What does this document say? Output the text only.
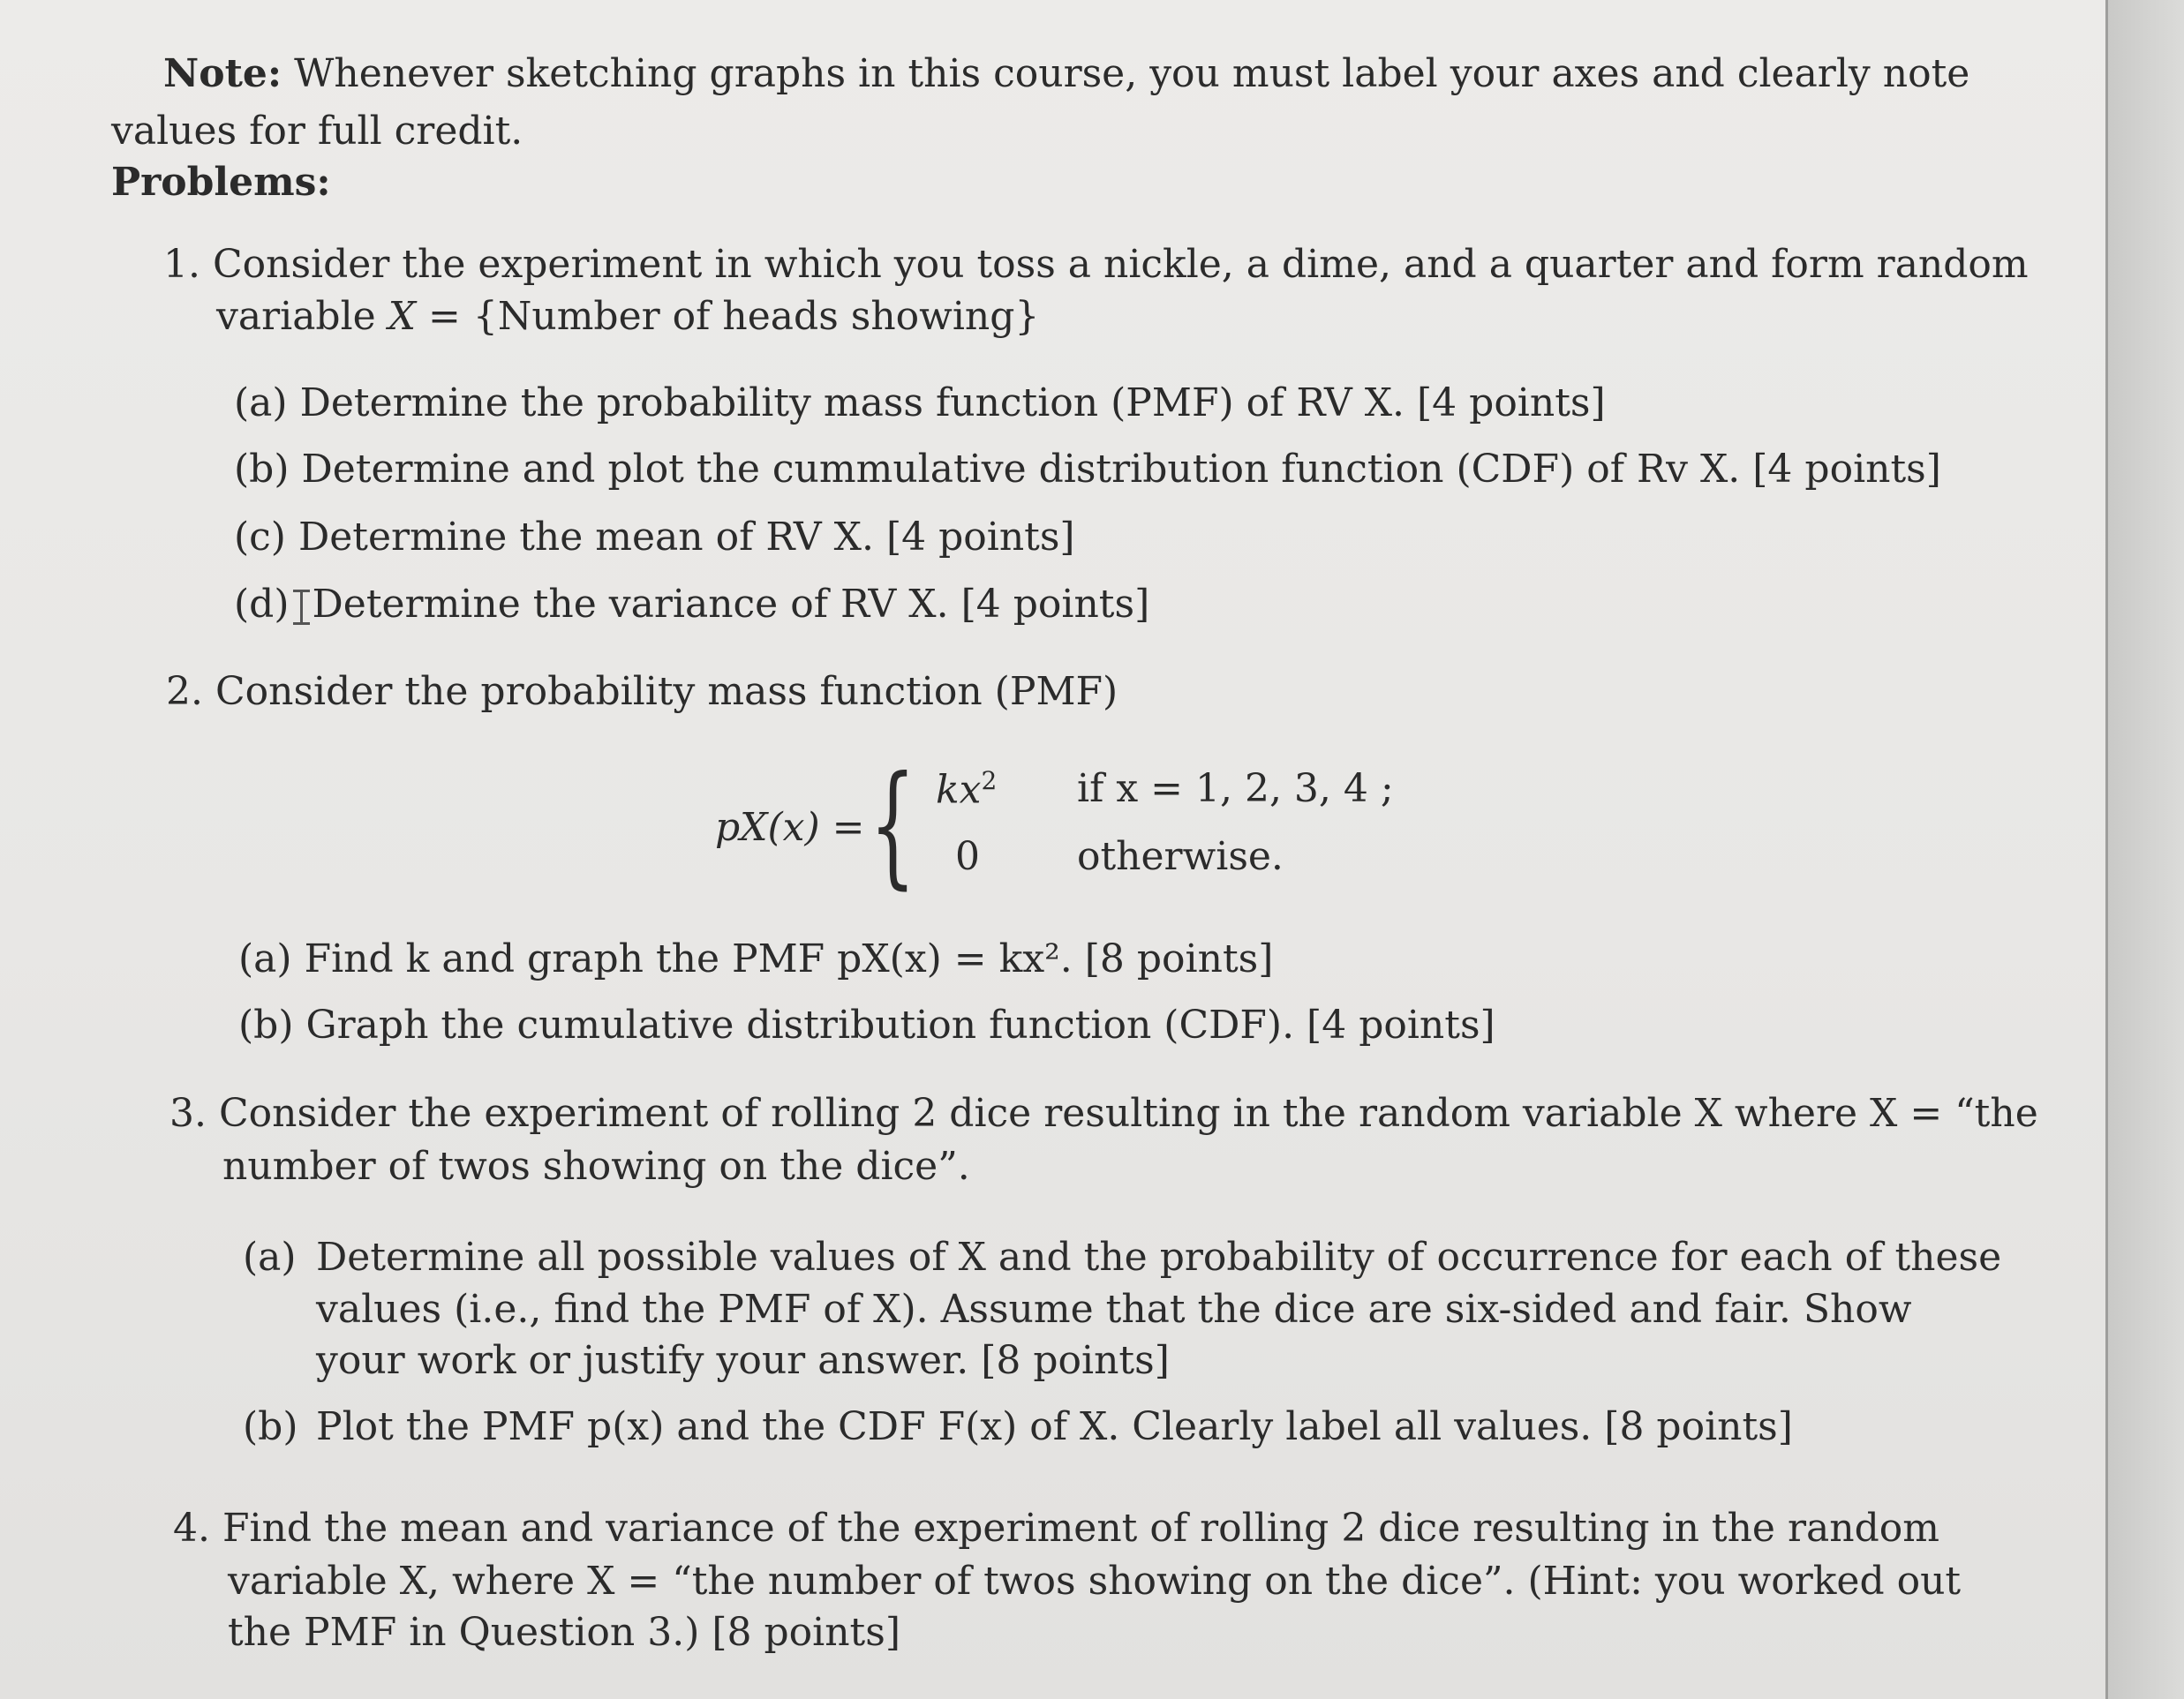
Note: Whenever sketching graphs in this course, you must label your axes and clearly note
values for full credit.
Problems:
1. Consider the experiment in which you toss a nickle, a dime, and a quarter and form random
variable X = {Number of heads showing}
(a) Determine the probability mass function (PMF) of RV X. [4 points]
(b) Determine and plot the cummulative distribution function (CDF) of Rv X. [4 points]
(c) Determine the mean of RV X. [4 points]
(d) Determine the variance of RV X. [4 points]
2. Consider the probability mass function (PMF)
pX(x) = { $kx^2$ if x = 1, 2, 3, 4 ;
0	otherwise.
(a) Find k and graph the PMF pX(x) = kx². [8 points]
(b) Graph the cumulative distribution function (CDF). [4 points]
3. Consider the experiment of rolling 2 dice resulting in the random variable X where X = “the
number of twos showing on the dice”.
(a) Determine all possible values of X and the probability of occurrence for each of these
values (i.e., find the PMF of X). Assume that the dice are six-sided and fair. Show
your work or justify your answer. [8 points]
(b) Plot the PMF p(x) and the CDF F(x) of X. Clearly label all values. [8 points]
4. Find the mean and variance of the experiment of rolling 2 dice resulting in the random
variable X, where X = “the number of twos showing on the dice”. (Hint: you worked out
the PMF in Question 3.) [8 points]
